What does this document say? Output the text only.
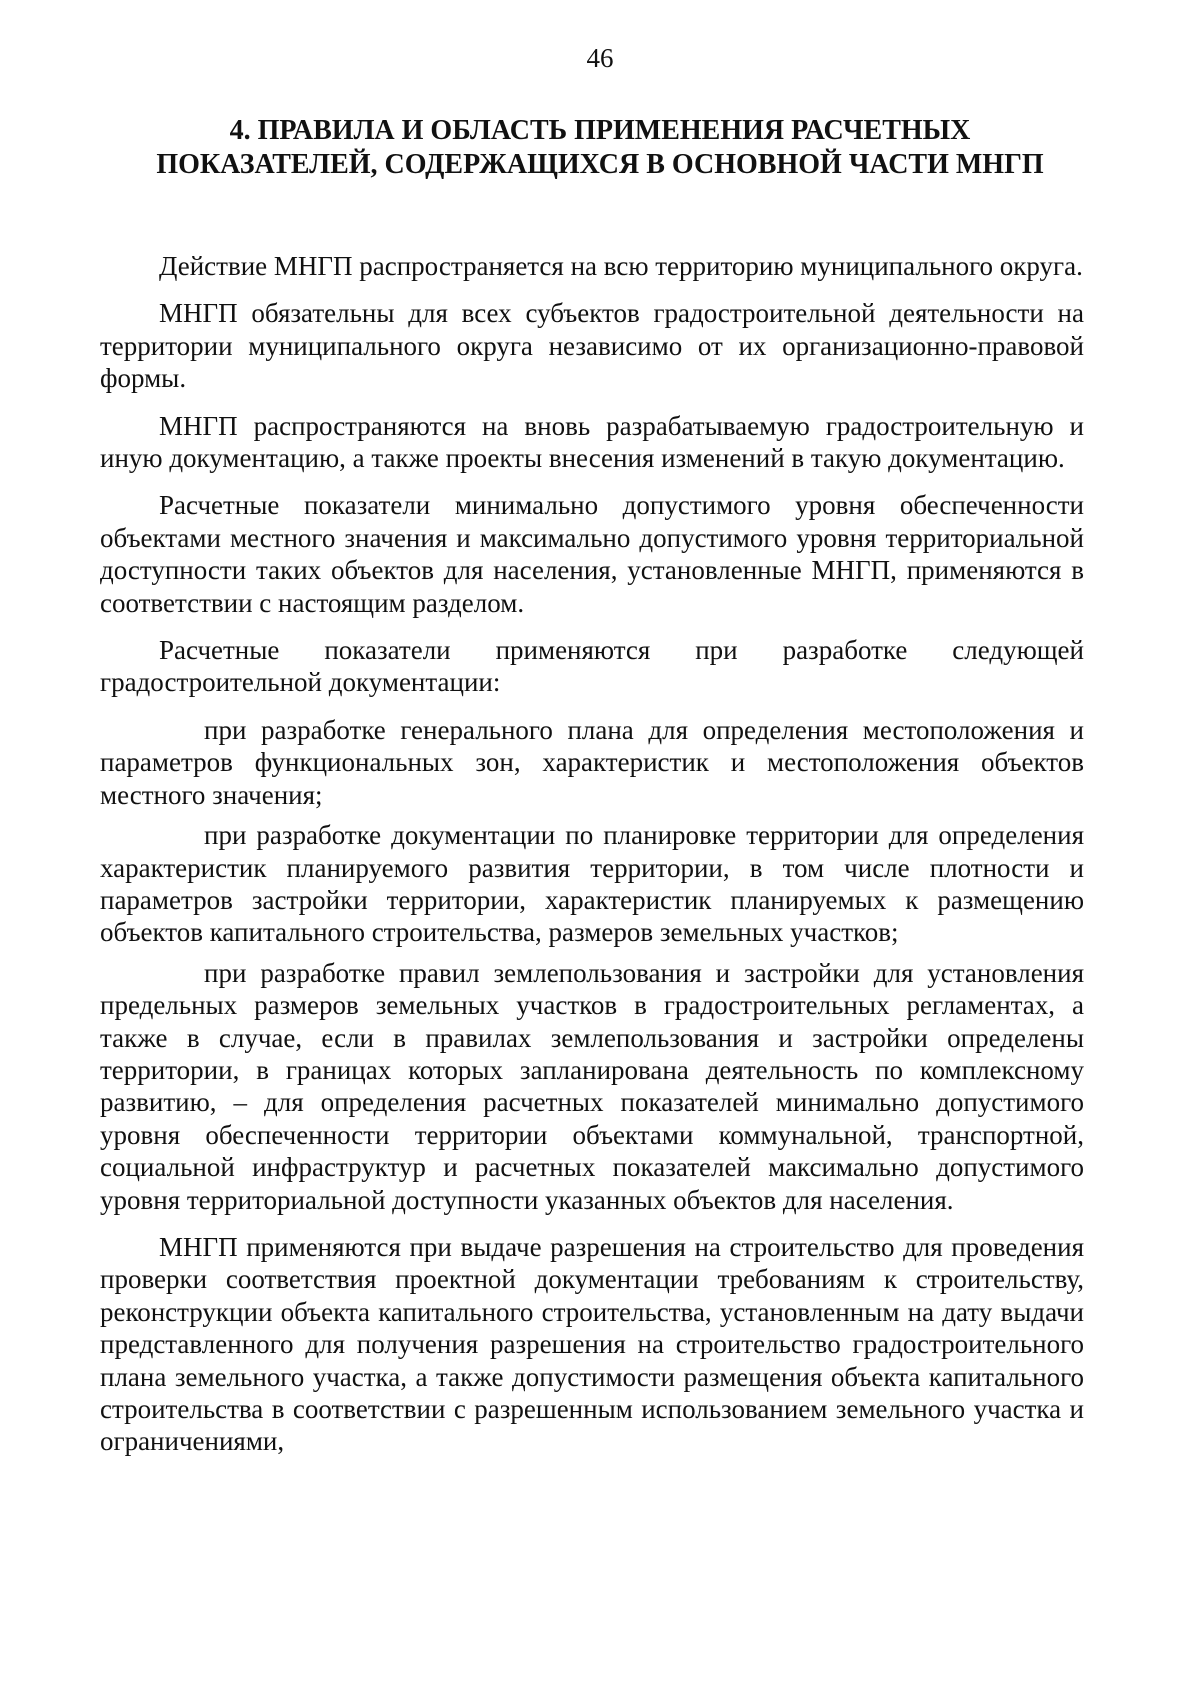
46
4. ПРАВИЛА И ОБЛАСТЬ ПРИМЕНЕНИЯ РАСЧЕТНЫХ
ПОКАЗАТЕЛЕЙ, СОДЕРЖАЩИХСЯ В ОСНОВНОЙ ЧАСТИ МНГП

Действие МНГП распространяется на всю территорию муниципального округа.

МНГП обязательны для всех субъектов градостроительной деятельности на территории муниципального округа независимо от их организационно-правовой формы.

МНГП распространяются на вновь разрабатываемую градостроительную и иную документацию, а также проекты внесения изменений в такую документацию.

Расчетные показатели минимально допустимого уровня обеспеченности объектами местного значения и максимально допустимого уровня территориальной доступности таких объектов для населения, установленные МНГП, применяются в соответствии с настоящим разделом.

Расчетные показатели применяются при разработке следующей градостроительной документации:

при разработке генерального плана для определения местоположения и параметров функциональных зон, характеристик и местоположения объектов местного значения;

при разработке документации по планировке территории для определения характеристик планируемого развития территории, в том числе плотности и параметров застройки территории, характеристик планируемых к размещению объектов капитального строительства, размеров земельных участков;

при разработке правил землепользования и застройки для установления предельных размеров земельных участков в градостроительных регламентах, а также в случае, если в правилах землепользования и застройки определены территории, в границах которых запланирована деятельность по комплексному развитию, – для определения расчетных показателей минимально допустимого уровня обеспеченности территории объектами коммунальной, транспортной, социальной инфраструктур и расчетных показателей максимально допустимого уровня территориальной доступности указанных объектов для населения.

МНГП применяются при выдаче разрешения на строительство для проведения проверки соответствия проектной документации требованиям к строительству, реконструкции объекта капитального строительства, установленным на дату выдачи представленного для получения разрешения на строительство градостроительного плана земельного участка, а также допустимости размещения объекта капитального строительства в соответствии с разрешенным использованием земельного участка и ограничениями,
